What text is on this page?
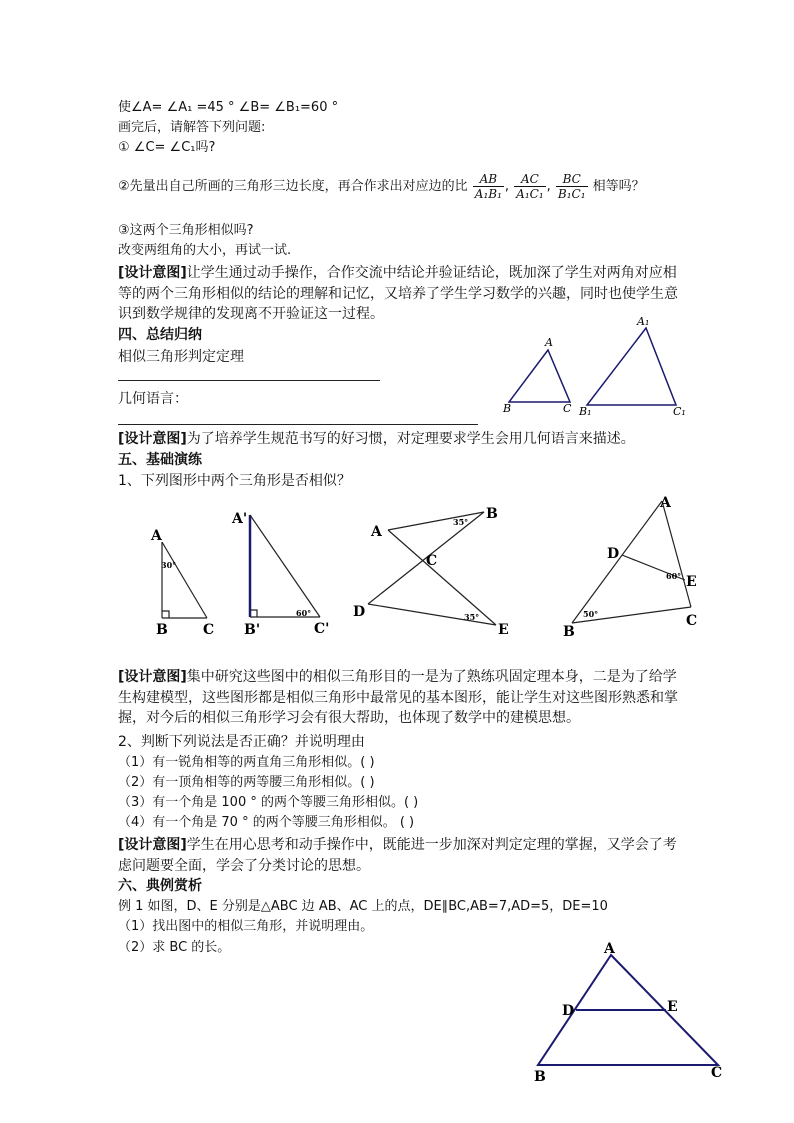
使∠A= ∠A₁ =45 ° ∠B= ∠B₁=60 °
画完后，请解答下列问题:
① ∠C= ∠C₁吗?
②先量出自己所画的三角形三边长度，再合作求出对应边的比 $\frac{AB}{\text{A₁B₁}}$ , $\frac{AC}{\text{A₁C₁}}$ , $\frac{BC}{\text{B₁C₁}}$ 相等吗？
③这两个三角形相似吗?
改变两组角的大小，再试一试.
[设计意图]让学生通过动手操作，合作交流中结论并验证结论，既加深了学生对两角对应相等的两个三角形相似的结论的理解和记忆，又培养了学生学习数学的兴趣，同时也使学生意识到数学规律的发现离不开验证这一过程。
四、总结归纳
相似三角形判定定理
几何语言：
A
B	C
A₁
B₁	C₁
[设计意图]为了培养学生规范书写的好习惯，对定理要求学生会用几何语言来描述。
五、基础演练
1、下列图形中两个三角形是否相似？
A
B	C
30°
A'
B'	C'
60°
A
B
C
D
E
35°
35°
A
B
C
D
E
60°
50°
[设计意图]集中研究这些图中的相似三角形目的一是为了熟练巩固定理本身，二是为了给学生构建模型，这些图形都是相似三角形中最常见的基本图形，能让学生对这些图形熟悉和掌握，对今后的相似三角形学习会有很大帮助，也体现了数学中的建模思想。
2、判断下列说法是否正确？并说明理由
（1）有一锐角相等的两直角三角形相似。( )
（2）有一顶角相等的两等腰三角形相似。( )
（3）有一个角是 100 ° 的两个等腰三角形相似。( )
（4）有一个角是 70 ° 的两个等腰三角形相似。 ( )
[设计意图]学生在用心思考和动手操作中，既能进一步加深对判定定理的掌握，又学会了考虑问题要全面，学会了分类讨论的思想。
六、典例赏析
例 1 如图，D、E 分别是△ABC 边 AB、AC 上的点，DE∥BC,AB=7,AD=5，DE=10
（1）找出图中的相似三角形，并说明理由。
（2）求 BC 的长。	A
B	C
D	E
